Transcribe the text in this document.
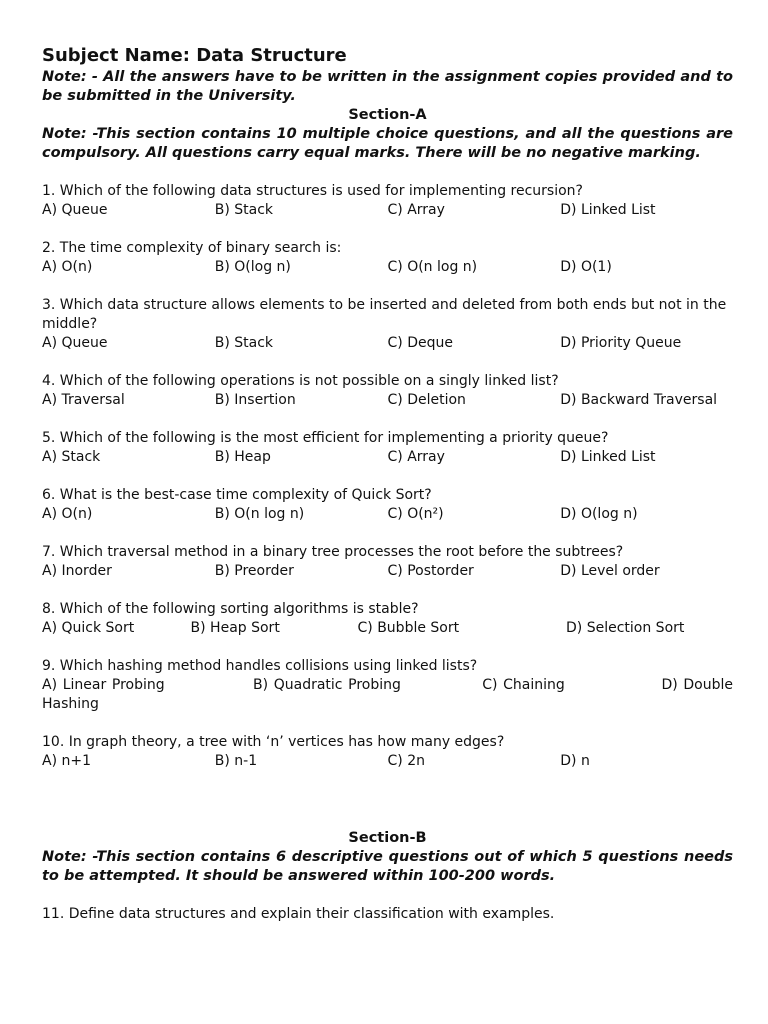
Subject Name: Data Structure

Note: - All the answers have to be written in the assignment copies provided and to be submitted in the University.

Section-A

Note: -This section contains 10 multiple choice questions, and all the questions are compulsory. All questions carry equal marks. There will be no negative marking.

1. Which of the following data structures is used for implementing recursion?

A) Queue	B) Stack	C) Array	D) Linked List

2. The time complexity of binary search is:

A) O(n)	B) O(log n)	C) O(n log n)	D) O(1)

3. Which data structure allows elements to be inserted and deleted from both ends but not in the middle?

A) Queue	B) Stack	C) Deque	D) Priority Queue

4. Which of the following operations is not possible on a singly linked list?

A) Traversal	B) Insertion	C) Deletion	D) Backward Traversal

5. Which of the following is the most efficient for implementing a priority queue?

A) Stack	B) Heap	C) Array	D) Linked List

6. What is the best-case time complexity of Quick Sort?

A) O(n)	B) O(n log n)	C) O(n²)	D) O(log n)

7. Which traversal method in a binary tree processes the root before the subtrees?

A) Inorder	B) Preorder	C) Postorder	D) Level order

8. Which of the following sorting algorithms is stable?

A) Quick Sort	B) Heap Sort	C) Bubble Sort	D) Selection Sort

9. Which hashing method handles collisions using linked lists?

A) Linear Probing      	B) Quadratic Probing     	C) Chaining       	D) Double Hashing

10. In graph theory, a tree with ‘n’ vertices has how many edges?

A) n+1	B) n-1	C) 2n	D) n

Section-B

Note: -This section contains 6 descriptive questions out of which 5 questions needs to be attempted. It should be answered within 100-200 words.

11. Define data structures and explain their classification with examples.
